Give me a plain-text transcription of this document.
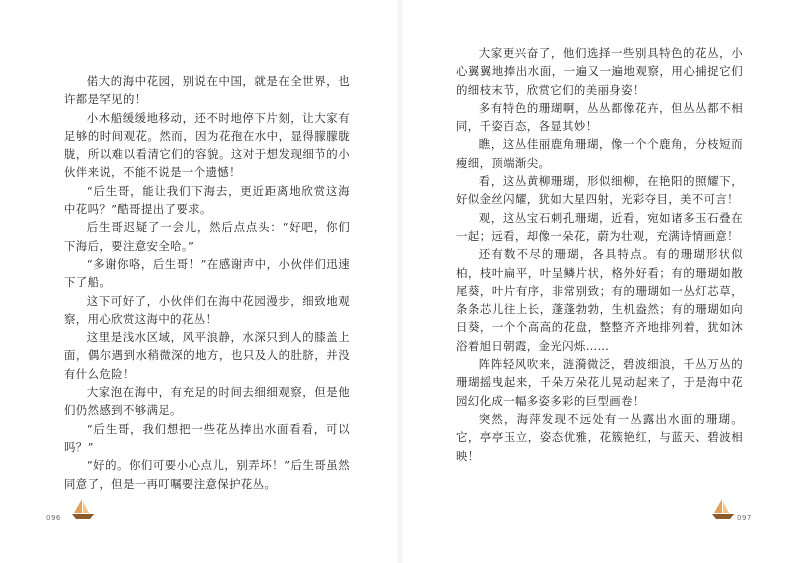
偌大的海中花园，别说在中国，就是在全世界，也许都是罕见的！

小木船缓缓地移动，还不时地停下片刻，让大家有足够的时间观花。然而，因为花孢在水中，显得朦朦胧胧，所以难以看清它们的容貌。这对于想发现细节的小伙伴来说，不能不说是一个遗憾！

“后生哥，能让我们下海去，更近距离地欣赏这海中花吗？”酷哥提出了要求。

后生哥迟疑了一会儿，然后点点头：“好吧，你们下海后，要注意安全哈。”

“多谢你咯，后生哥！”在感谢声中，小伙伴们迅速下了船。

这下可好了，小伙伴们在海中花园漫步，细致地观察，用心欣赏这海中的花丛！

这里是浅水区域，风平浪静，水深只到人的膝盖上面，偶尔遇到水稍微深的地方，也只及人的肚脐，并没有什么危险！

大家泡在海中，有充足的时间去细细观察，但是他们仍然感到不够满足。

“后生哥，我们想把一些花丛捧出水面看看，可以吗？”

“好的。你们可要小心点儿，别弄坏！”后生哥虽然同意了，但是一再叮嘱要注意保护花丛。

大家更兴奋了，他们选择一些别具特色的花丛，小心翼翼地捧出水面，一遍又一遍地观察，用心捕捉它们的细枝末节，欣赏它们的美丽身姿！

多有特色的珊瑚啊，丛丛都像花卉，但丛丛都不相同，千姿百态，各显其妙！

瞧，这丛佳丽鹿角珊瑚，像一个个鹿角，分枝短而瘦细，顶端渐尖。

看，这丛黄柳珊瑚，形似细柳，在艳阳的照耀下，好似金丝闪耀，犹如大星四射，光彩夺目，美不可言！

观，这丛宝石刺孔珊瑚，近看，宛如诸多玉石叠在一起；远看，却像一朵花，蔚为壮观，充满诗情画意！

还有数不尽的珊瑚，各具特点。有的珊瑚形状似柏，枝叶扁平，叶呈鳞片状，格外好看；有的珊瑚如散尾葵，叶片有序，非常别致；有的珊瑚如一丛灯芯草，条条芯儿往上长，蓬蓬勃勃，生机盎然；有的珊瑚如向日葵，一个个高高的花盘，整整齐齐地排列着，犹如沐浴着旭日朝霞，金光闪烁……

阵阵轻风吹来，涟漪微泛，碧波细浪，千丛万丛的珊瑚摇曳起来，千朵万朵花儿晃动起来了，于是海中花园幻化成一幅多姿多彩的巨型画卷！

突然，海萍发现不远处有一丛露出水面的珊瑚。它，亭亭玉立，姿态优雅，花簇艳红，与蓝天、碧波相映！

096	097
